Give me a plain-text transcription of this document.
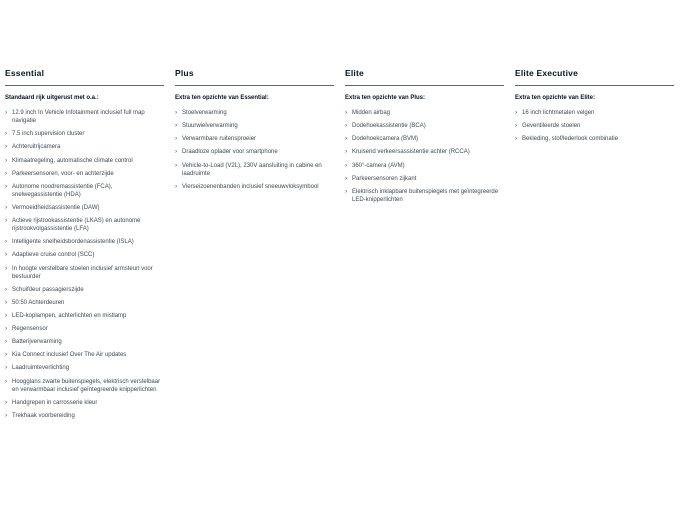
Essential
Standaard rijk uitgerust met o.a.:
› 12.9 inch In Vehicle Infotainment inclusief full map navigatie
› 7.5 inch supervision cluster
› Achteruitrijcamera
› Klimaatregeling, automatische climate control
› Parkeersensoren, voor- en achterzijde
› Autonome noodremassistentie (FCA), snelwegassistentie (HDA)
› Vermoeidheidsassistentie (DAW)
› Actieve rijstrookassistentie (LKAS) en autonome rijstrookvolgassistentie (LFA)
› Intelligente snelheidsbordenassistentie (ISLA)
› Adaptieve cruise control (SCC)
› In hoogte verstelbare stoelen inclusief armsteun voor bestuurder
› Schuifdeur passagierszijde
› 50:50 Achterdeuren
› LED-koplampen, achterlichten en mistlamp
› Regensensor
› Batterijverwarming
› Kia Connect inclusief Over The Air updates
› Laadruimteverlichting
› Hoogglans zwarte buitenspiegels, elektrisch verstelbaar en verwarmbaar inclusief geïntegreerde knipperlichten
› Handgrepen in carrosserie kleur
› Trekhaak voorbereiding
Plus
Extra ten opzichte van Essential:
› Stoelverwarming
› Stuurwielverwarming
› Verwarmbare ruitensproeier
› Draadloze oplader voor smartphone
› Vehicle-to-Load (V2L), 230V aansluiting in cabine en laadruimte
› Vierseizoenenbanden inclusief sneeuwvloksymbool
Elite
Extra ten opzichte van Plus:
› Midden airbag
› Dodehoekassistentie (BCA)
› Dodehoekcamera (BVM)
› Kruisend verkeersassistentie achter (RCCA)
› 360°-camera (AVM)
› Parkeersensoren zijkant
› Elektrisch inklapbare buitenspiegels met geïntegreerde LED-knipperlichten
Elite Executive
Extra ten opzichte van Elite:
› 16 inch lichtmetalen velgen
› Geventileerde stoelen
› Bekleding, stof/lederlook combinatie
